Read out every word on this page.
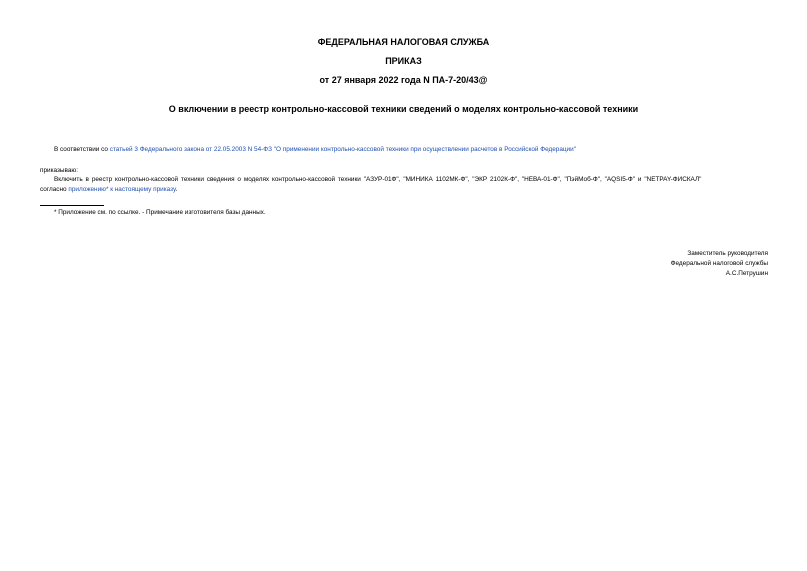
ФЕДЕРАЛЬНАЯ НАЛОГОВАЯ СЛУЖБА
ПРИКАЗ
от 27 января 2022 года N ПА-7-20/43@
О включении в реестр контрольно-кассовой техники сведений о моделях контрольно-кассовой техники
В соответствии со статьей 3 Федерального закона от 22.05.2003 N 54-ФЗ "О применении контрольно-кассовой техники при осуществлении расчетов в Российской Федерации"
приказываю:
Включить в реестр контрольно-кассовой техники сведения о моделях контрольно-кассовой техники "АЗУР-01Ф", "МИНИКА 1102МК-Ф", "ЭКР 2102К-Ф", "НЕВА-01-Ф", "ПэйМоб-Ф", "AQSI5-Ф" и "NETPAY-ФИСКАЛ"
согласно приложению* к настоящему приказу.
* Приложение см. по ссылке. - Примечание изготовителя базы данных.
Заместитель руководителя
Федеральной налоговой службы
А.С.Петрушин
